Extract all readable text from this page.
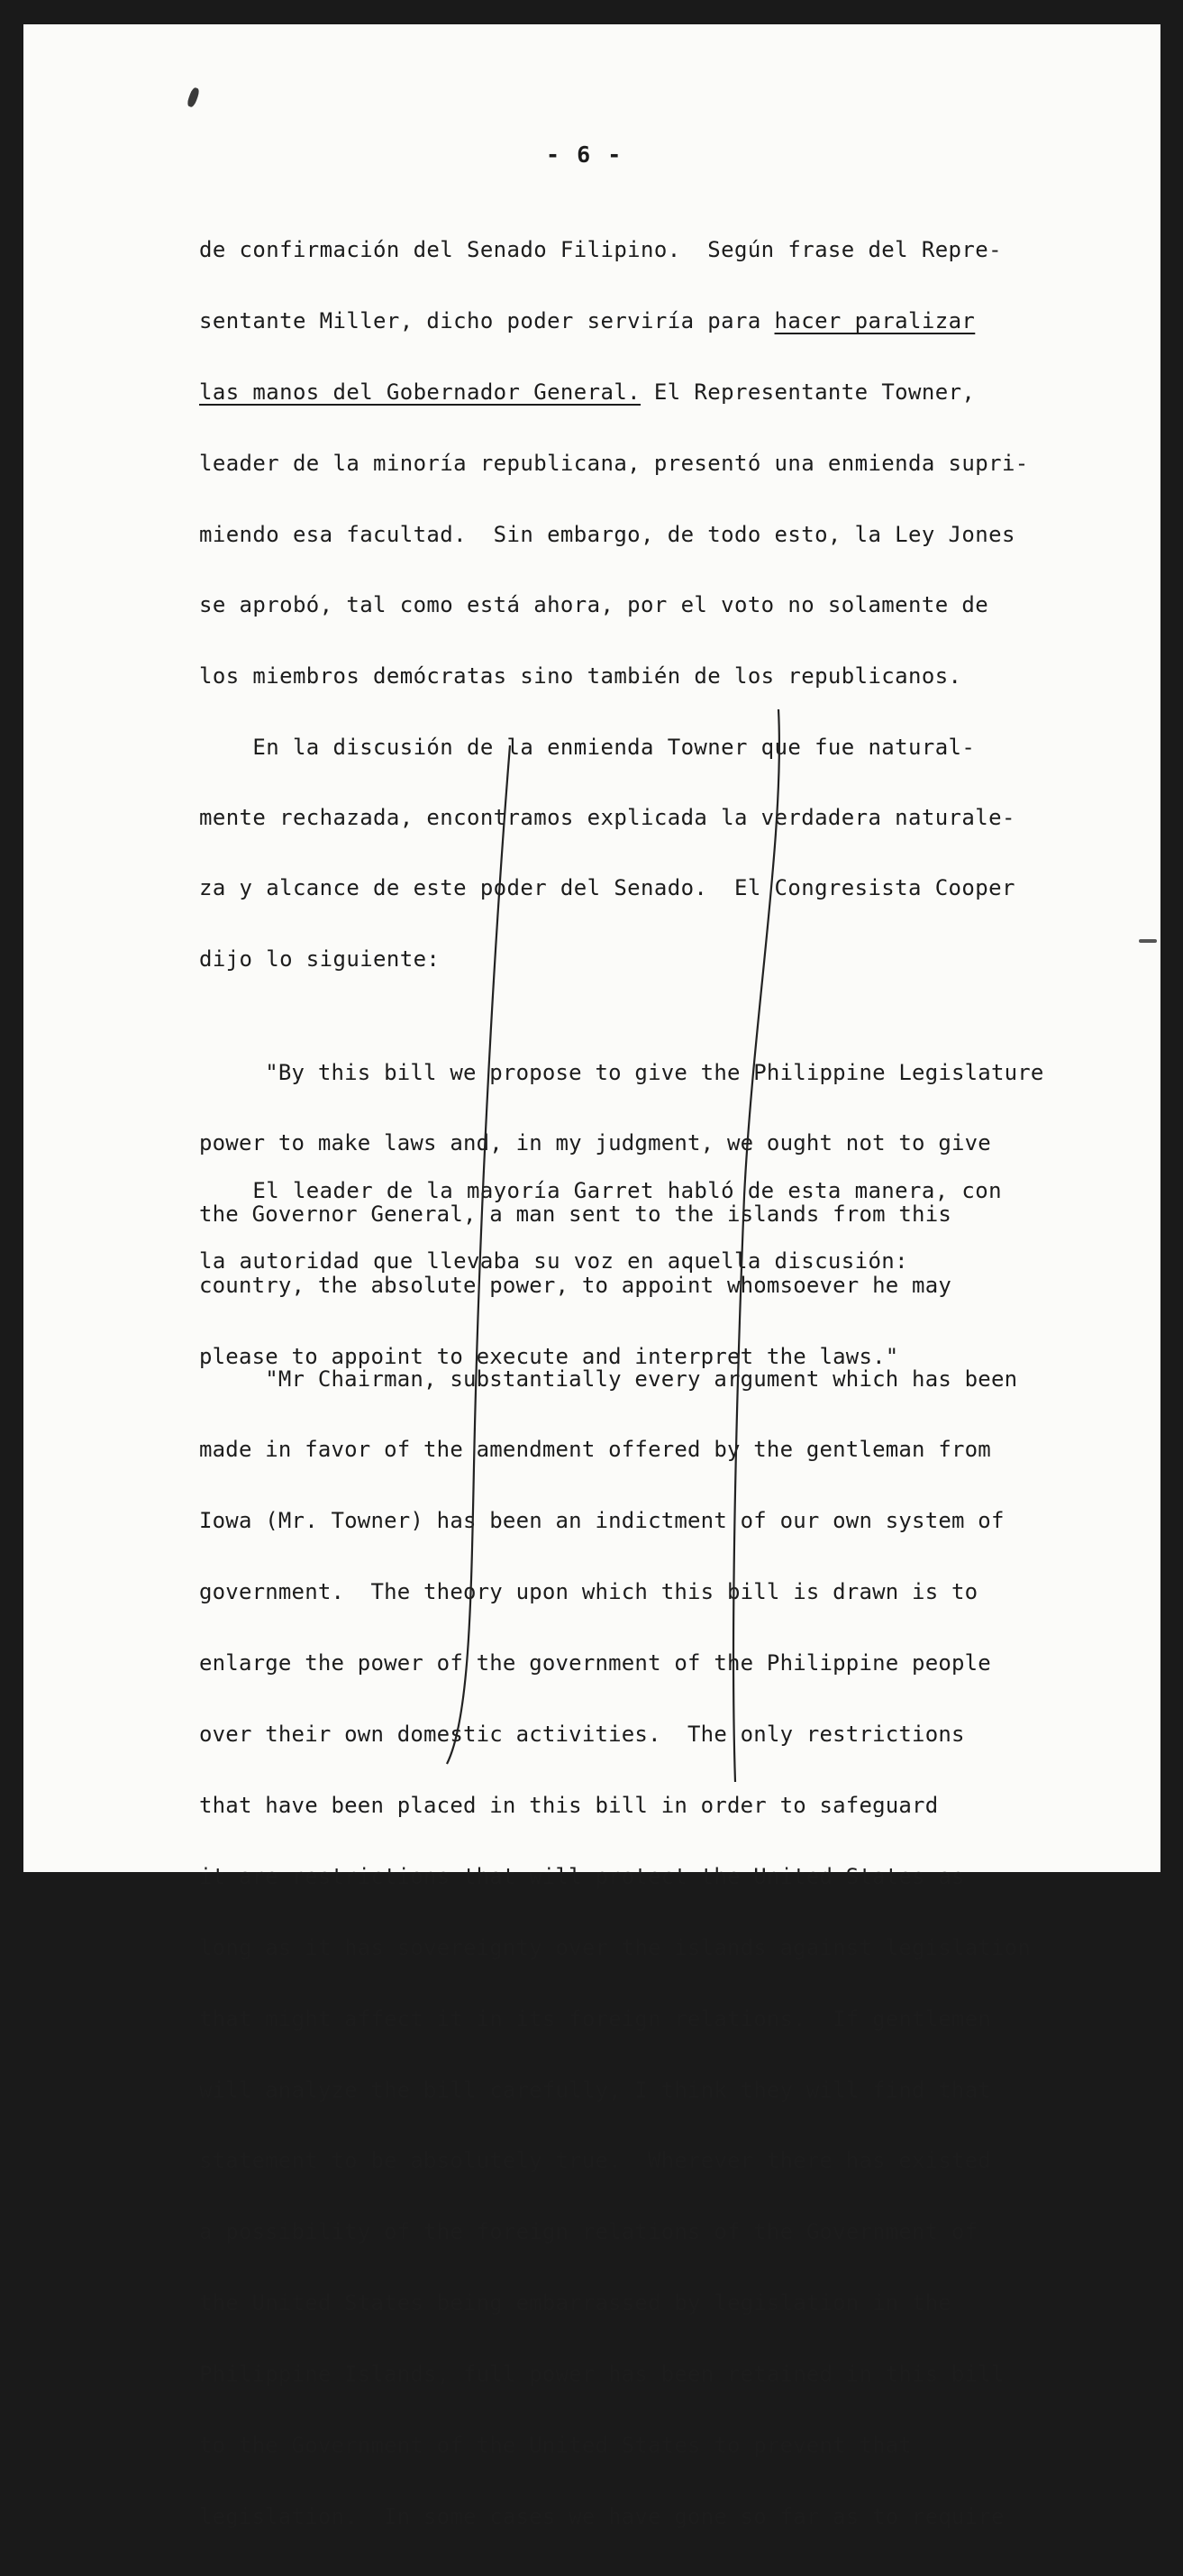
- 6 -
de confirmación del Senado Filipino.  Según frase del Repre-
sentante Miller, dicho poder serviría para hacer paralizar
las manos del Gobernador General. El Representante Towner,
leader de la minoría republicana, presentó una enmienda supri-
miendo esa facultad.  Sin embargo, de todo esto, la Ley Jones
se aprobó, tal como está ahora, por el voto no solamente de
los miembros demócratas sino también de los republicanos.
En la discusión de la enmienda Towner que fue natural-
mente rechazada, encontramos explicada la verdadera naturale-
za y alcance de este poder del Senado.  El Congresista Cooper
dijo lo siguiente:

"By this bill we propose to give the Philippine Legislature

power to make laws and, in my judgment, we ought not to give

the Governor General, a man sent to the islands from this

country, the absolute power, to appoint whomsoever he may

please to appoint to execute and interpret the laws."

El leader de la mayoría Garret habló de esta manera, con
la autoridad que llevaba su voz en aquella discusión:

"Mr Chairman, substantially every argument which has been

made in favor of the amendment offered by the gentleman from

Iowa (Mr. Towner) has been an indictment of our own system of

government.  The theory upon which this bill is drawn is to

enlarge the power of the government of the Philippine people

over their own domestic activities.  The only restrictions

that have been placed in this bill in order to safeguard

it are restrictions that will protect the United States as

long as it has sovereignty over the islands against legislation

that might affect it in its foreign relations.  If gentlemen

will analyze the bill carefully, I think they will find that

statement to be absolutely true.  Wherever there has existed

a possibility of the foreign relations of the Government of

the United States being embarrassed by legislation in the

Philippine Islands, full power has been retained in this bill

to the Government of the United States to prevent that

legislation.  In some cases we have gone so far as to require
